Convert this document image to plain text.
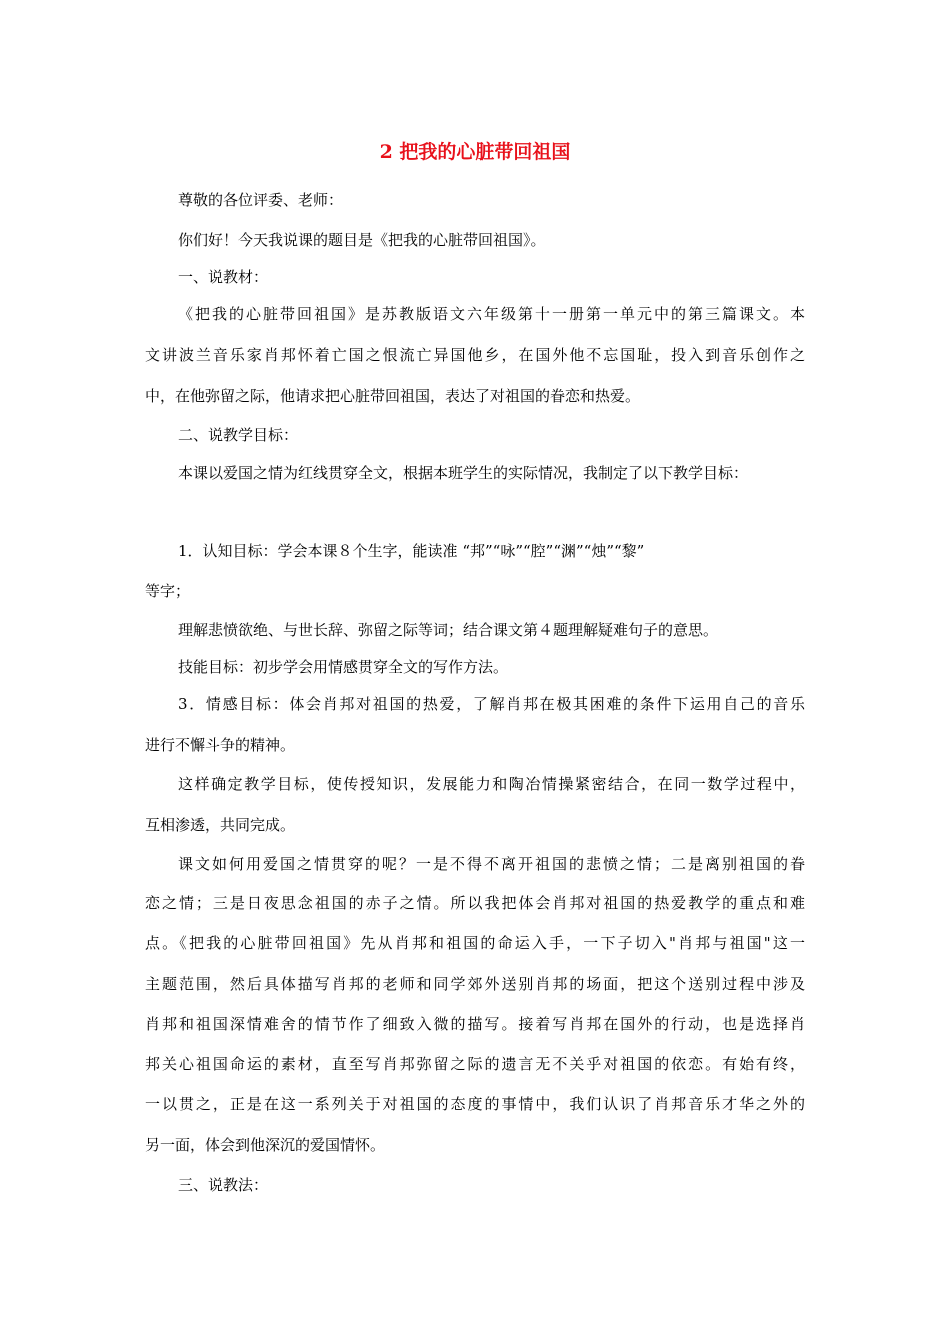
2 把我的心脏带回祖国
尊敬的各位评委、老师：
你们好！今天我说课的题目是《把我的心脏带回祖国》。
一、说教材：
《把我的心脏带回祖国》是苏教版语文六年级第十一册第一单元中的第三篇课文。本
文讲波兰音乐家肖邦怀着亡国之恨流亡异国他乡，在国外他不忘国耻，投入到音乐创作之
中，在他弥留之际，他请求把心脏带回祖国，表达了对祖国的眷恋和热爱。
二、说教学目标：
本课以爱国之情为红线贯穿全文，根据本班学生的实际情况，我制定了以下教学目标：
1．认知目标：学会本课８个生字，能读准 “邦”“咏”“腔”“渊”“烛”“黎”
等字；
理解悲愤欲绝、与世长辞、弥留之际等词；结合课文第４题理解疑难句子的意思。
技能目标：初步学会用情感贯穿全文的写作方法。
3．情感目标：体会肖邦对祖国的热爱，了解肖邦在极其困难的条件下运用自己的音乐
进行不懈斗争的精神。
这样确定教学目标，使传授知识，发展能力和陶冶情操紧密结合，在同一数学过程中，
互相渗透，共同完成。
课文如何用爱国之情贯穿的呢？一是不得不离开祖国的悲愤之情；二是离别祖国的眷
恋之情；三是日夜思念祖国的赤子之情。所以我把体会肖邦对祖国的热爱教学的重点和难
点。《把我的心脏带回祖国》先从肖邦和祖国的命运入手，一下子切入"肖邦与祖国"这一
主题范围，然后具体描写肖邦的老师和同学郊外送别肖邦的场面，把这个送别过程中涉及
肖邦和祖国深情难舍的情节作了细致入微的描写。接着写肖邦在国外的行动，也是选择肖
邦关心祖国命运的素材，直至写肖邦弥留之际的遗言无不关乎对祖国的依恋。有始有终，
一以贯之，正是在这一系列关于对祖国的态度的事情中，我们认识了肖邦音乐才华之外的
另一面，体会到他深沉的爱国情怀。
三、说教法：
